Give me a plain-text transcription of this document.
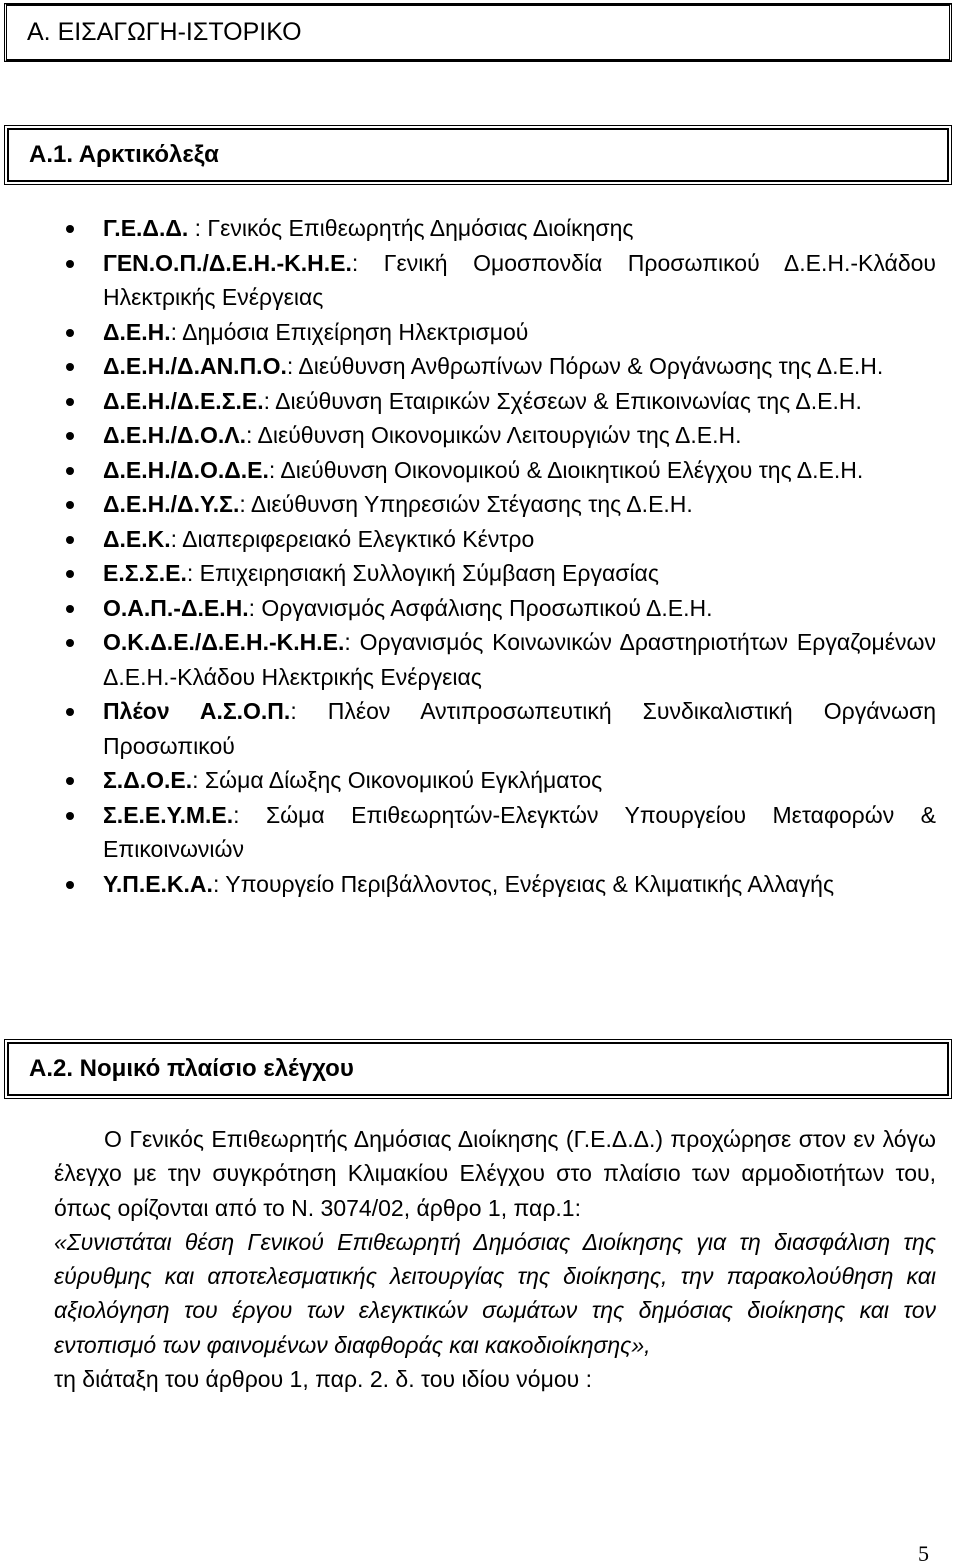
Α. ΕΙΣΑΓΩΓΗ-ΙΣΤΟΡΙΚΟ
Α.1. Αρκτικόλεξα
Γ.Ε.Δ.Δ. : Γενικός Επιθεωρητής Δημόσιας Διοίκησης
ΓΕΝ.Ο.Π./Δ.Ε.Η.-Κ.Η.Ε.: Γενική Ομοσπονδία Προσωπικού Δ.Ε.Η.-Κλάδου Ηλεκτρικής Ενέργειας
Δ.Ε.Η.: Δημόσια Επιχείρηση Ηλεκτρισμού
Δ.Ε.Η./Δ.ΑΝ.Π.Ο.: Διεύθυνση Ανθρωπίνων Πόρων & Οργάνωσης της Δ.Ε.Η.
Δ.Ε.Η./Δ.Ε.Σ.Ε.: Διεύθυνση Εταιρικών Σχέσεων & Επικοινωνίας της Δ.Ε.Η.
Δ.Ε.Η./Δ.Ο.Λ.: Διεύθυνση Οικονομικών Λειτουργιών της Δ.Ε.Η.
Δ.Ε.Η./Δ.Ο.Δ.Ε.: Διεύθυνση Οικονομικού & Διοικητικού Ελέγχου της Δ.Ε.Η.
Δ.Ε.Η./Δ.Υ.Σ.: Διεύθυνση Υπηρεσιών Στέγασης της Δ.Ε.Η.
Δ.Ε.Κ.: Διαπεριφερειακό Ελεγκτικό Κέντρο
Ε.Σ.Σ.Ε.: Επιχειρησιακή Συλλογική Σύμβαση Εργασίας
Ο.Α.Π.-Δ.Ε.Η.: Οργανισμός Ασφάλισης Προσωπικού Δ.Ε.Η.
Ο.Κ.Δ.Ε./Δ.Ε.Η.-Κ.Η.Ε.: Οργανισμός Κοινωνικών Δραστηριοτήτων Εργαζομένων Δ.Ε.Η.-Κλάδου Ηλεκτρικής Ενέργειας
Πλέον Α.Σ.Ο.Π.: Πλέον Αντιπροσωπευτική Συνδικαλιστική Οργάνωση Προσωπικού
Σ.Δ.Ο.Ε.: Σώμα Δίωξης Οικονομικού Εγκλήματος
Σ.Ε.Ε.Υ.Μ.Ε.: Σώμα Επιθεωρητών-Ελεγκτών Υπουργείου Μεταφορών & Επικοινωνιών
Υ.Π.Ε.Κ.Α.: Υπουργείο Περιβάλλοντος, Ενέργειας & Κλιματικής Αλλαγής
Α.2. Νομικό πλαίσιο ελέγχου

Ο Γενικός Επιθεωρητής Δημόσιας Διοίκησης (Γ.Ε.Δ.Δ.) προχώρησε στον εν λόγω έλεγχο με την συγκρότηση Κλιμακίου Ελέγχου στο πλαίσιο των αρμοδιοτήτων του, όπως ορίζονται από το Ν. 3074/02, άρθρο 1, παρ.1:

«Συνιστάται θέση Γενικού Επιθεωρητή Δημόσιας Διοίκησης για τη διασφάλιση της εύρυθμης και αποτελεσματικής λειτουργίας της διοίκησης, την παρακολούθηση και αξιολόγηση του έργου των ελεγκτικών σωμάτων της δημόσιας διοίκησης και τον εντοπισμό των φαινομένων διαφθοράς και κακοδιοίκησης»,

τη διάταξη του άρθρου 1, παρ. 2. δ. του ιδίου νόμου :

5
